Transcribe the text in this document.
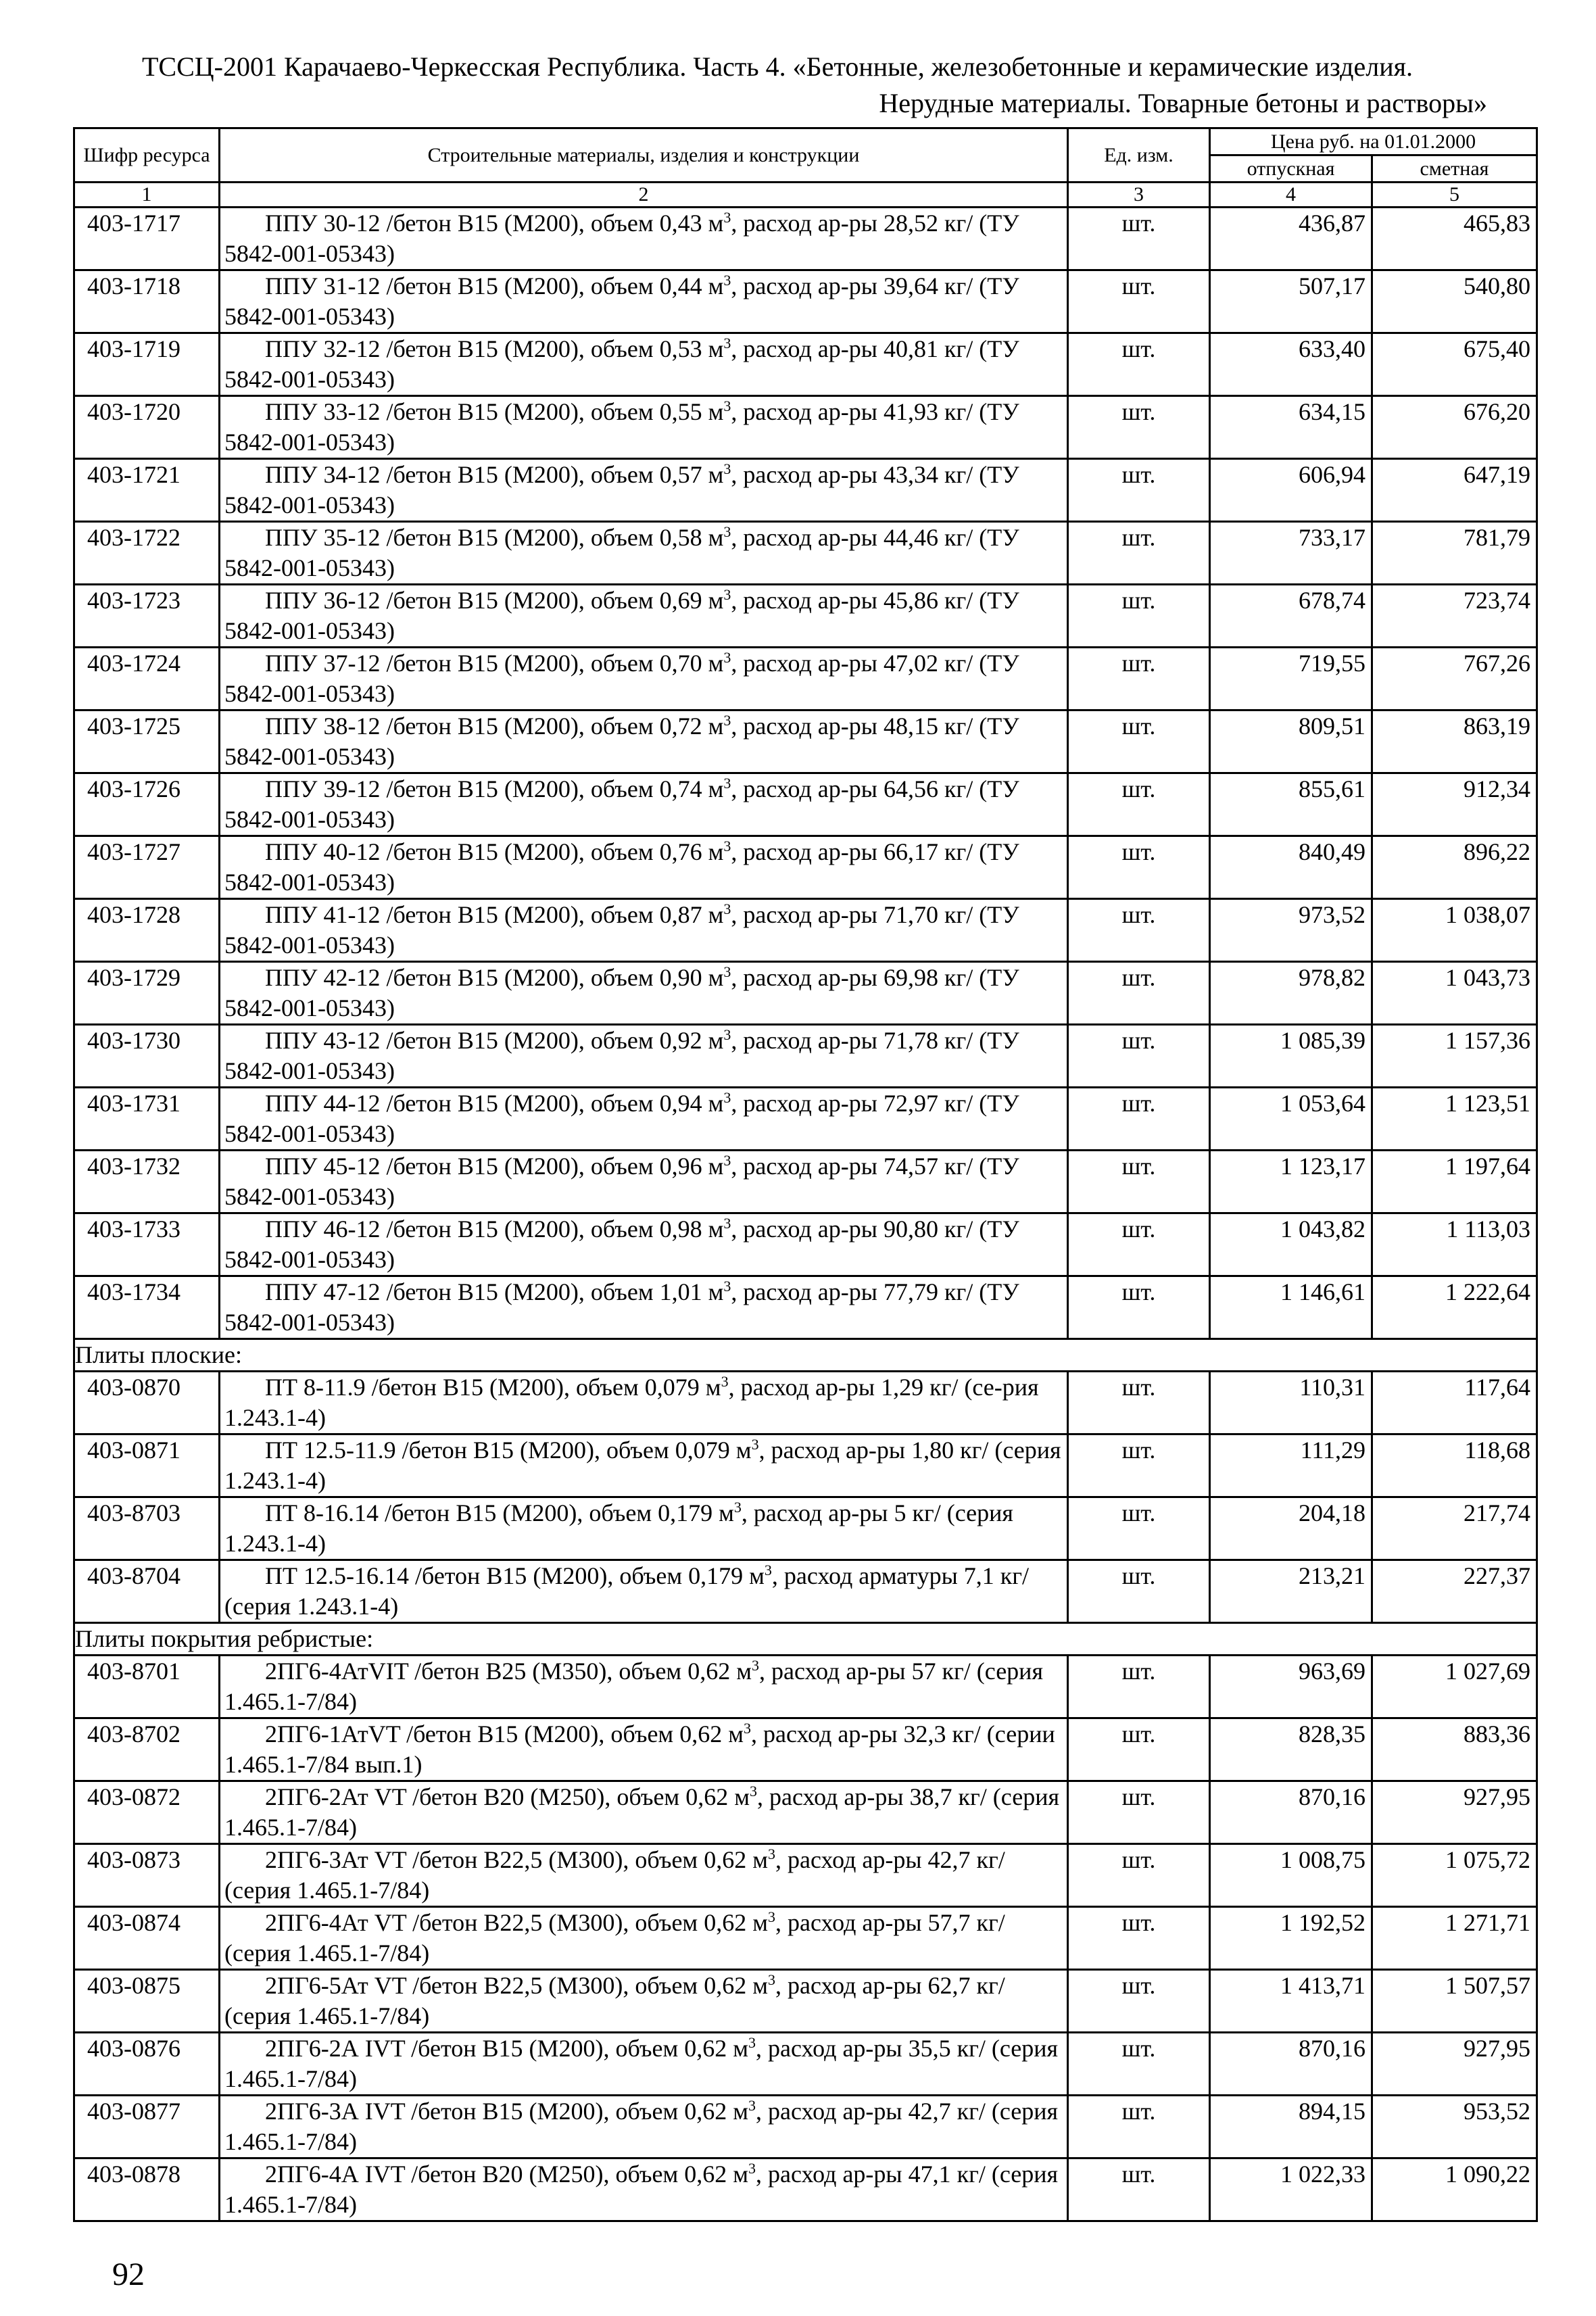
ТССЦ-2001 Карачаево-Черкесская Республика. Часть 4. «Бетонные, железобетонные и керамические изделия.
Нерудные материалы. Товарные бетоны и растворы»
Шифр ресурса	Строительные материалы, изделия и конструкции	Ед. изм.	Цена руб. на 01.01.2000	
			отпускная	сметная
1	2	3	4	5
403-1717	ППУ 30-12 /бетон В15 (М200), объем 0,43 $м^3$, расход ар-ры 28,52 кг/ (ТУ 5842-001-05343)	шт.	436,87	465,83
403-1718	ППУ 31-12 /бетон В15 (М200), объем 0,44 $м^3$, расход ар-ры 39,64 кг/ (ТУ 5842-001-05343)	шт.	507,17	540,80
403-1719	ППУ 32-12 /бетон В15 (М200), объем 0,53 $м^3$, расход ар-ры 40,81 кг/ (ТУ 5842-001-05343)	шт.	633,40	675,40
403-1720	ППУ 33-12 /бетон В15 (М200), объем 0,55 $м^3$, расход ар-ры 41,93 кг/ (ТУ 5842-001-05343)	шт.	634,15	676,20
403-1721	ППУ 34-12 /бетон В15 (М200), объем 0,57 $м^3$, расход ар-ры 43,34 кг/ (ТУ 5842-001-05343)	шт.	606,94	647,19
403-1722	ППУ 35-12 /бетон В15 (М200), объем 0,58 $м^3$, расход ар-ры 44,46 кг/ (ТУ 5842-001-05343)	шт.	733,17	781,79
403-1723	ППУ 36-12 /бетон В15 (М200), объем 0,69 $м^3$, расход ар-ры 45,86 кг/ (ТУ 5842-001-05343)	шт.	678,74	723,74
403-1724	ППУ 37-12 /бетон В15 (М200), объем 0,70 $м^3$, расход ар-ры 47,02 кг/ (ТУ 5842-001-05343)	шт.	719,55	767,26
403-1725	ППУ 38-12 /бетон В15 (М200), объем 0,72 $м^3$, расход ар-ры 48,15 кг/ (ТУ 5842-001-05343)	шт.	809,51	863,19
403-1726	ППУ 39-12 /бетон В15 (М200), объем 0,74 $м^3$, расход ар-ры 64,56 кг/ (ТУ 5842-001-05343)	шт.	855,61	912,34
403-1727	ППУ 40-12 /бетон В15 (М200), объем 0,76 $м^3$, расход ар-ры 66,17 кг/ (ТУ 5842-001-05343)	шт.	840,49	896,22
403-1728	ППУ 41-12 /бетон В15 (М200), объем 0,87 $м^3$, расход ар-ры 71,70 кг/ (ТУ 5842-001-05343)	шт.	973,52	1 038,07
403-1729	ППУ 42-12 /бетон В15 (М200), объем 0,90 $м^3$, расход ар-ры 69,98 кг/ (ТУ 5842-001-05343)	шт.	978,82	1 043,73
403-1730	ППУ 43-12 /бетон В15 (М200), объем 0,92 $м^3$, расход ар-ры 71,78 кг/ (ТУ 5842-001-05343)	шт.	1 085,39	1 157,36
403-1731	ППУ 44-12 /бетон В15 (М200), объем 0,94 $м^3$, расход ар-ры 72,97 кг/ (ТУ 5842-001-05343)	шт.	1 053,64	1 123,51
403-1732	ППУ 45-12 /бетон В15 (М200), объем 0,96 $м^3$, расход ар-ры 74,57 кг/ (ТУ 5842-001-05343)	шт.	1 123,17	1 197,64
403-1733	ППУ 46-12 /бетон В15 (М200), объем 0,98 $м^3$, расход ар-ры 90,80 кг/ (ТУ 5842-001-05343)	шт.	1 043,82	1 113,03
403-1734	ППУ 47-12 /бетон В15 (М200), объем 1,01 $м^3$, расход ар-ры 77,79 кг/ (ТУ 5842-001-05343)	шт.	1 146,61	1 222,64
Плиты плоские:				
403-0870	ПТ 8-11.9 /бетон В15 (М200), объем 0,079 $м^3$, расход ар-ры 1,29 кг/ (се-рия 1.243.1-4)	шт.	110,31	117,64
403-0871	ПТ 12.5-11.9 /бетон В15 (М200), объем 0,079 $м^3$, расход ар-ры 1,80 кг/ (серия 1.243.1-4)	шт.	111,29	118,68
403-8703	ПТ 8-16.14 /бетон В15 (М200), объем 0,179 $м^3$, расход ар-ры 5 кг/ (серия 1.243.1-4)	шт.	204,18	217,74
403-8704	ПТ 12.5-16.14 /бетон В15 (М200), объем 0,179 $м^3$, расход арматуры 7,1 кг/ (серия 1.243.1-4)	шт.	213,21	227,37
Плиты покрытия ребристые:				
403-8701	2ПГ6-4АтVIT /бетон В25 (М350), объем 0,62 $м^3$, расход ар-ры 57 кг/ (серия 1.465.1-7/84)	шт.	963,69	1 027,69
403-8702	2ПГ6-1АтVT /бетон В15 (М200), объем 0,62 $м^3$, расход ар-ры 32,3 кг/ (серии 1.465.1-7/84 вып.1)	шт.	828,35	883,36
403-0872	2ПГ6-2Ат VT /бетон В20 (М250), объем 0,62 $м^3$, расход ар-ры 38,7 кг/ (серия 1.465.1-7/84)	шт.	870,16	927,95
403-0873	2ПГ6-3Ат VT /бетон В22,5 (М300), объем 0,62 $м^3$, расход ар-ры 42,7 кг/ (серия 1.465.1-7/84)	шт.	1 008,75	1 075,72
403-0874	2ПГ6-4Ат VT /бетон В22,5 (М300), объем 0,62 $м^3$, расход ар-ры 57,7 кг/ (серия 1.465.1-7/84)	шт.	1 192,52	1 271,71
403-0875	2ПГ6-5Ат VT /бетон В22,5 (М300), объем 0,62 $м^3$, расход ар-ры 62,7 кг/ (серия 1.465.1-7/84)	шт.	1 413,71	1 507,57
403-0876	2ПГ6-2А IVT /бетон В15 (М200), объем 0,62 $м^3$, расход ар-ры 35,5 кг/ (серия 1.465.1-7/84)	шт.	870,16	927,95
403-0877	2ПГ6-3А IVT /бетон В15 (М200), объем 0,62 $м^3$, расход ар-ры 42,7 кг/ (серия 1.465.1-7/84)	шт.	894,15	953,52
403-0878	2ПГ6-4А IVT /бетон В20 (М250), объем 0,62 $м^3$, расход ар-ры 47,1 кг/ (серия 1.465.1-7/84)	шт.	1 022,33	1 090,22
92
